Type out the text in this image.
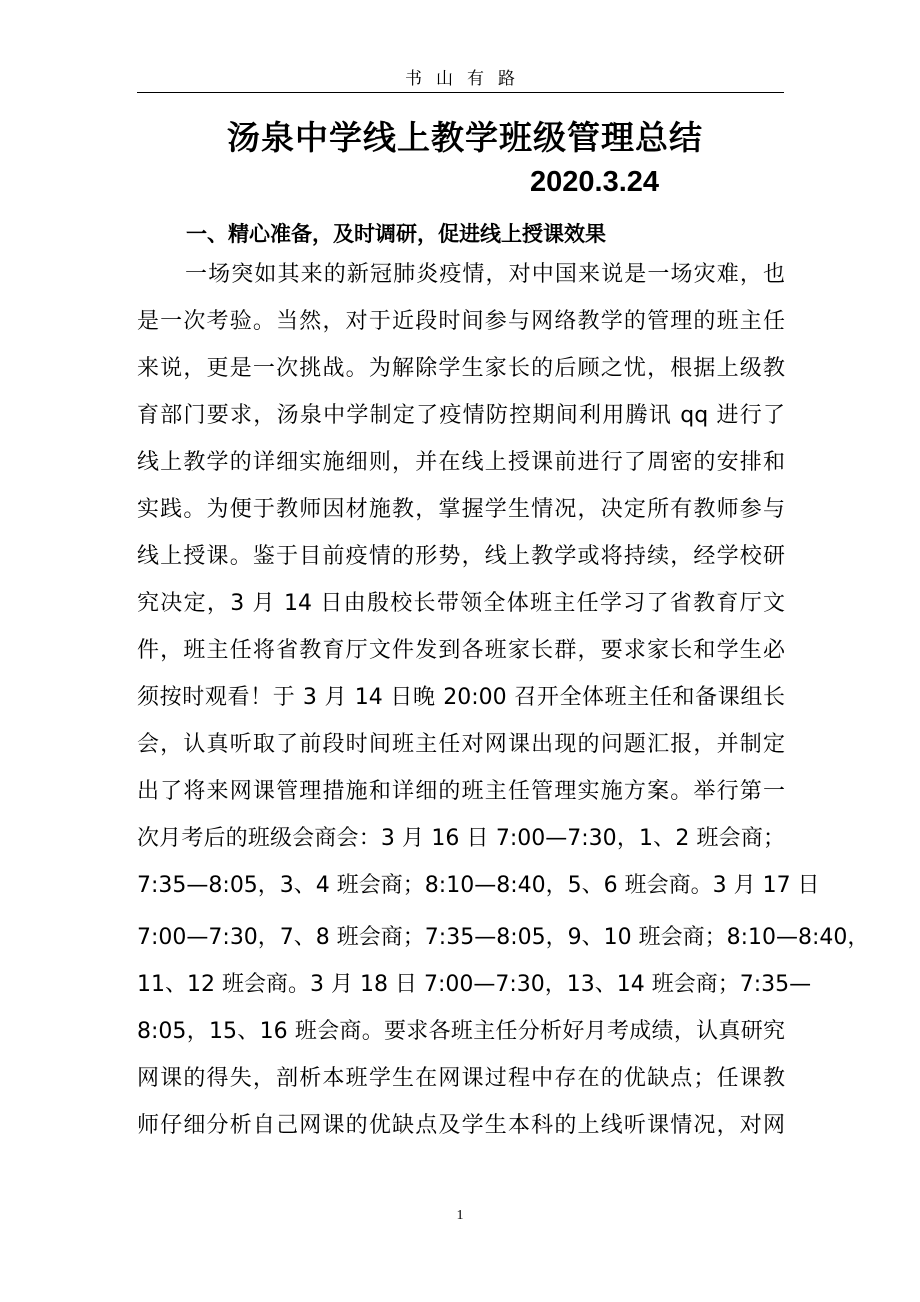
书山有路
汤泉中学线上教学班级管理总结
2020.3.24
一、精心准备，及时调研，促进线上授课效果
一场突如其来的新冠肺炎疫情，对中国来说是一场灾难，也
是一次考验。当然，对于近段时间参与网络教学的管理的班主任
来说，更是一次挑战。为解除学生家长的后顾之忧，根据上级教
育部门要求，汤泉中学制定了疫情防控期间利用腾讯 qq 进行了
线上教学的详细实施细则，并在线上授课前进行了周密的安排和
实践。为便于教师因材施教，掌握学生情况，决定所有教师参与
线上授课。鉴于目前疫情的形势，线上教学或将持续，经学校研
究决定，3 月 14 日由殷校长带领全体班主任学习了省教育厅文
件，班主任将省教育厅文件发到各班家长群，要求家长和学生必
须按时观看！于 3 月 14 日晚 20:00 召开全体班主任和备课组长
会，认真听取了前段时间班主任对网课出现的问题汇报，并制定
出了将来网课管理措施和详细的班主任管理实施方案。举行第一
次月考后的班级会商会：3 月 16 日 7:00—7:30，1、2 班会商；
7:35—8:05，3、4 班会商；8:10—8:40，5、6 班会商。3 月 17 日
7:00—7:30，7、8 班会商；7:35—8:05，9、10 班会商；8:10—8:40，
11、12 班会商。3 月 18 日 7:00—7:30，13、14 班会商；7:35—
8:05，15、16 班会商。要求各班主任分析好月考成绩，认真研究
网课的得失，剖析本班学生在网课过程中存在的优缺点；任课教
师仔细分析自己网课的优缺点及学生本科的上线听课情况，对网
1
